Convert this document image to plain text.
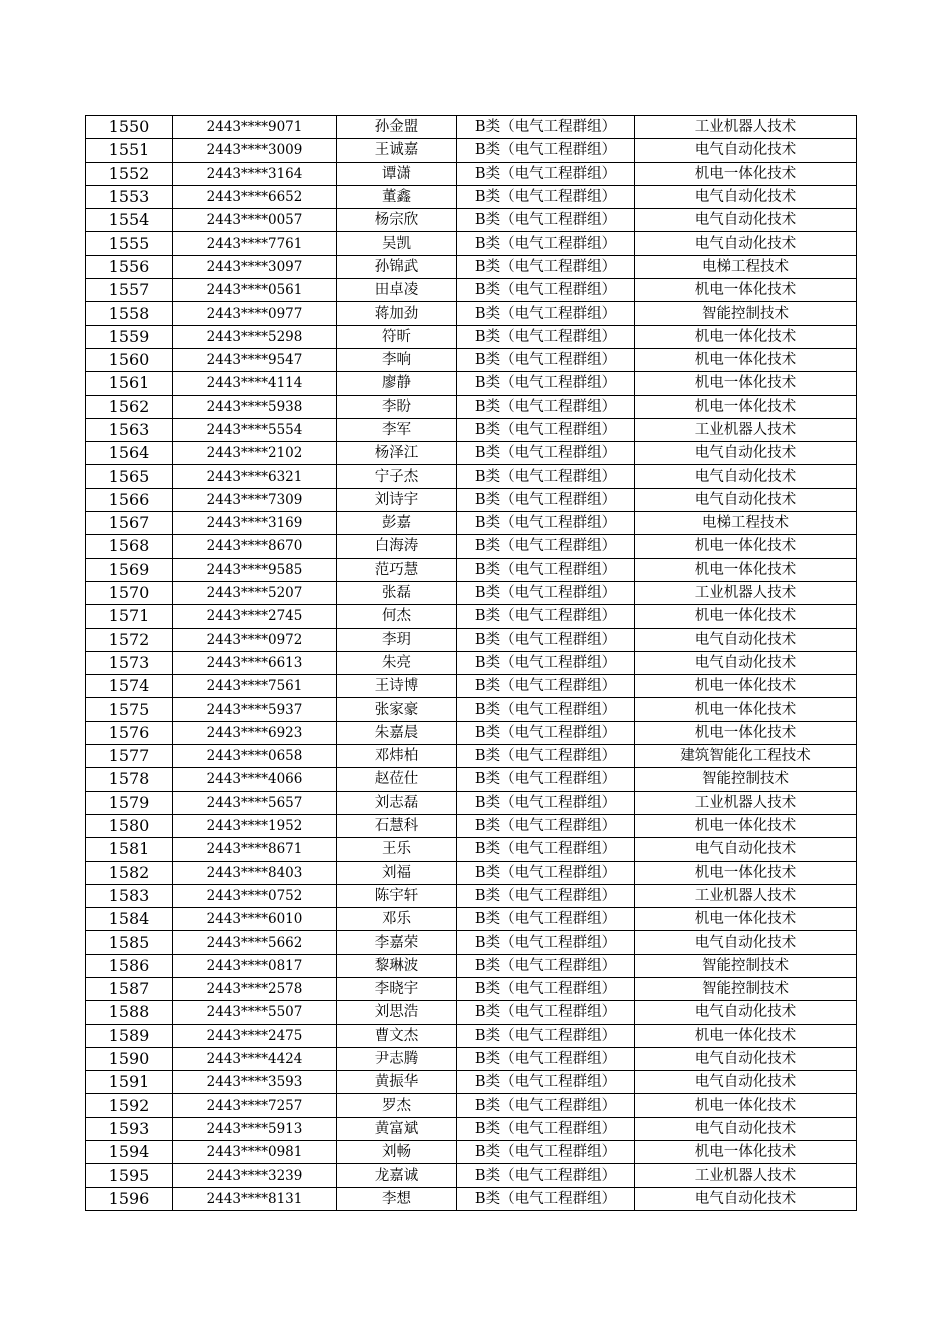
1550	2443****9071	孙金盟	B类（电气工程群组）	工业机器人技术
1551	2443****3009	王诚嘉	B类（电气工程群组）	电气自动化技术
1552	2443****3164	谭潇	B类（电气工程群组）	机电一体化技术
1553	2443****6652	董鑫	B类（电气工程群组）	电气自动化技术
1554	2443****0057	杨宗欣	B类（电气工程群组）	电气自动化技术
1555	2443****7761	吴凯	B类（电气工程群组）	电气自动化技术
1556	2443****3097	孙锦武	B类（电气工程群组）	电梯工程技术
1557	2443****0561	田卓凌	B类（电气工程群组）	机电一体化技术
1558	2443****0977	蒋加劲	B类（电气工程群组）	智能控制技术
1559	2443****5298	符昕	B类（电气工程群组）	机电一体化技术
1560	2443****9547	李响	B类（电气工程群组）	机电一体化技术
1561	2443****4114	廖静	B类（电气工程群组）	机电一体化技术
1562	2443****5938	李盼	B类（电气工程群组）	机电一体化技术
1563	2443****5554	李军	B类（电气工程群组）	工业机器人技术
1564	2443****2102	杨泽江	B类（电气工程群组）	电气自动化技术
1565	2443****6321	宁子杰	B类（电气工程群组）	电气自动化技术
1566	2443****7309	刘诗宇	B类（电气工程群组）	电气自动化技术
1567	2443****3169	彭嘉	B类（电气工程群组）	电梯工程技术
1568	2443****8670	白海涛	B类（电气工程群组）	机电一体化技术
1569	2443****9585	范巧慧	B类（电气工程群组）	机电一体化技术
1570	2443****5207	张磊	B类（电气工程群组）	工业机器人技术
1571	2443****2745	何杰	B类（电气工程群组）	机电一体化技术
1572	2443****0972	李玥	B类（电气工程群组）	电气自动化技术
1573	2443****6613	朱亮	B类（电气工程群组）	电气自动化技术
1574	2443****7561	王诗博	B类（电气工程群组）	机电一体化技术
1575	2443****5937	张家豪	B类（电气工程群组）	机电一体化技术
1576	2443****6923	朱嘉晨	B类（电气工程群组）	机电一体化技术
1577	2443****0658	邓炜柏	B类（电气工程群组）	建筑智能化工程技术
1578	2443****4066	赵莅仕	B类（电气工程群组）	智能控制技术
1579	2443****5657	刘志磊	B类（电气工程群组）	工业机器人技术
1580	2443****1952	石慧科	B类（电气工程群组）	机电一体化技术
1581	2443****8671	王乐	B类（电气工程群组）	电气自动化技术
1582	2443****8403	刘福	B类（电气工程群组）	机电一体化技术
1583	2443****0752	陈宇轩	B类（电气工程群组）	工业机器人技术
1584	2443****6010	邓乐	B类（电气工程群组）	机电一体化技术
1585	2443****5662	李嘉荣	B类（电气工程群组）	电气自动化技术
1586	2443****0817	黎琳波	B类（电气工程群组）	智能控制技术
1587	2443****2578	李晓宇	B类（电气工程群组）	智能控制技术
1588	2443****5507	刘思浩	B类（电气工程群组）	电气自动化技术
1589	2443****2475	曹文杰	B类（电气工程群组）	机电一体化技术
1590	2443****4424	尹志腾	B类（电气工程群组）	电气自动化技术
1591	2443****3593	黄振华	B类（电气工程群组）	电气自动化技术
1592	2443****7257	罗杰	B类（电气工程群组）	机电一体化技术
1593	2443****5913	黄富斌	B类（电气工程群组）	电气自动化技术
1594	2443****0981	刘畅	B类（电气工程群组）	机电一体化技术
1595	2443****3239	龙嘉诚	B类（电气工程群组）	工业机器人技术
1596	2443****8131	李想	B类（电气工程群组）	电气自动化技术
